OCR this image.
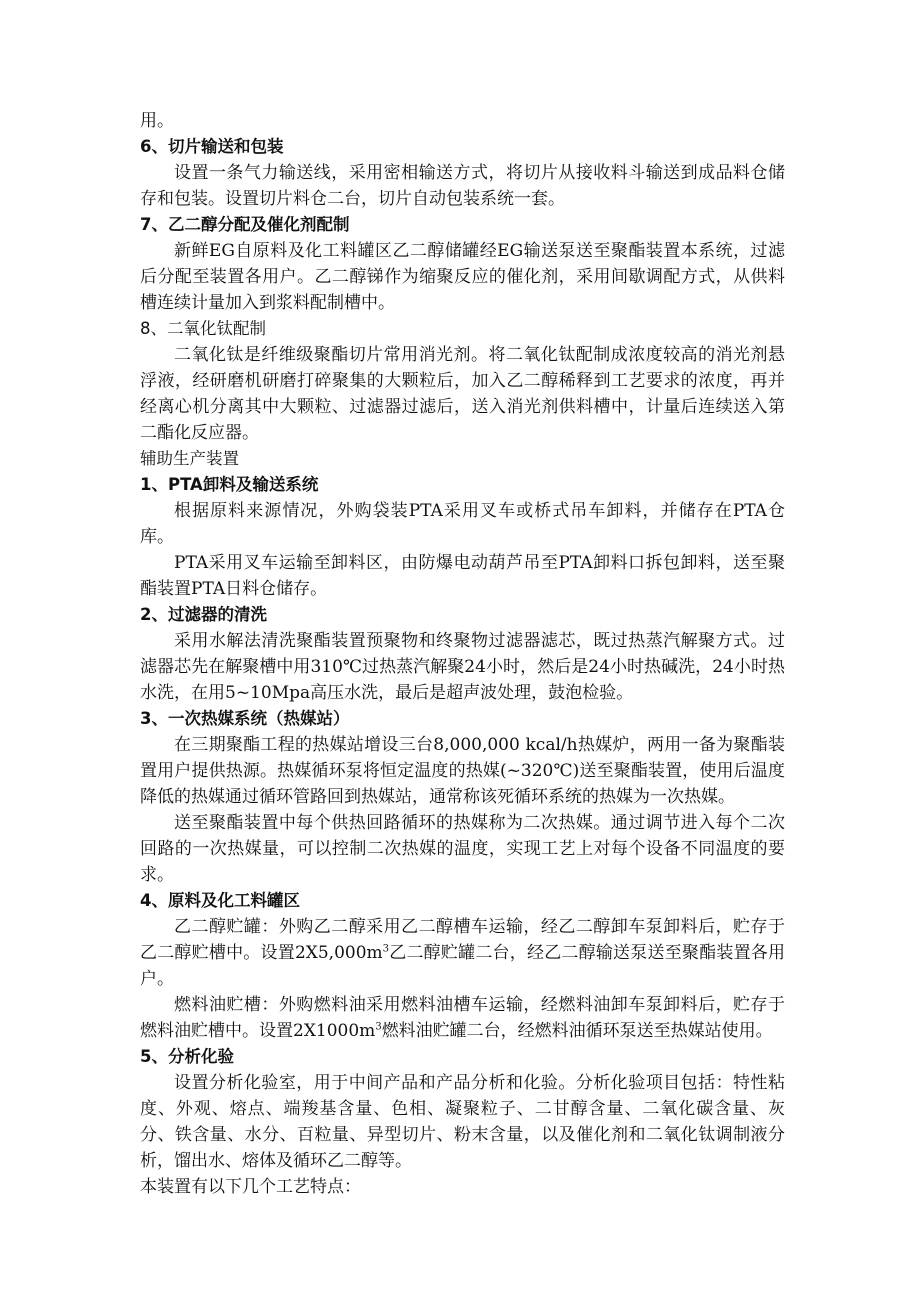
用。

6、切片输送和包装

设置一条气力输送线，采用密相输送方式，将切片从接收料斗输送到成品料仓储存和包装。设置切片料仓二台，切片自动包装系统一套。

7、乙二醇分配及催化剂配制

新鲜EG自原料及化工料罐区乙二醇储罐经EG输送泵送至聚酯装置本系统，过滤后分配至装置各用户。乙二醇锑作为缩聚反应的催化剂，采用间歇调配方式，从供料槽连续计量加入到浆料配制槽中。

8、二氧化钛配制

二氧化钛是纤维级聚酯切片常用消光剂。将二氧化钛配制成浓度较高的消光剂悬浮液，经研磨机研磨打碎聚集的大颗粒后，加入乙二醇稀释到工艺要求的浓度，再并经离心机分离其中大颗粒、过滤器过滤后，送入消光剂供料槽中，计量后连续送入第二酯化反应器。

辅助生产装置

1、PTA卸料及输送系统

根据原料来源情况，外购袋装PTA采用叉车或桥式吊车卸料，并储存在PTA仓库。

PTA采用叉车运输至卸料区，由防爆电动葫芦吊至PTA卸料口拆包卸料，送至聚酯装置PTA日料仓储存。

2、过滤器的清洗

采用水解法清洗聚酯装置预聚物和终聚物过滤器滤芯，既过热蒸汽解聚方式。过滤器芯先在解聚槽中用310℃过热蒸汽解聚24小时，然后是24小时热碱洗，24小时热水洗，在用5~10Mpa高压水洗，最后是超声波处理，鼓泡检验。

3、一次热媒系统（热媒站）

在三期聚酯工程的热媒站增设三台8,000,000 kcal/h热媒炉，两用一备为聚酯装置用户提供热源。热媒循环泵将恒定温度的热媒(~320℃)送至聚酯装置，使用后温度降低的热媒通过循环管路回到热媒站，通常称该死循环系统的热媒为一次热媒。

送至聚酯装置中每个供热回路循环的热媒称为二次热媒。通过调节进入每个二次回路的一次热媒量，可以控制二次热媒的温度，实现工艺上对每个设备不同温度的要求。

4、原料及化工料罐区

乙二醇贮罐：外购乙二醇采用乙二醇槽车运输，经乙二醇卸车泵卸料后，贮存于乙二醇贮槽中。设置$2X5,000m^3$乙二醇贮罐二台，经乙二醇输送泵送至聚酯装置各用户。

燃料油贮槽：外购燃料油采用燃料油槽车运输，经燃料油卸车泵卸料后，贮存于燃料油贮槽中。设置$2X1000m^3$燃料油贮罐二台，经燃料油循环泵送至热媒站使用。

5、分析化验

设置分析化验室，用于中间产品和产品分析和化验。分析化验项目包括：特性粘度、外观、熔点、端羧基含量、色相、凝聚粒子、二甘醇含量、二氧化碳含量、灰分、铁含量、水分、百粒量、异型切片、粉末含量，以及催化剂和二氧化钛调制液分析，馏出水、熔体及循环乙二醇等。

本装置有以下几个工艺特点：
